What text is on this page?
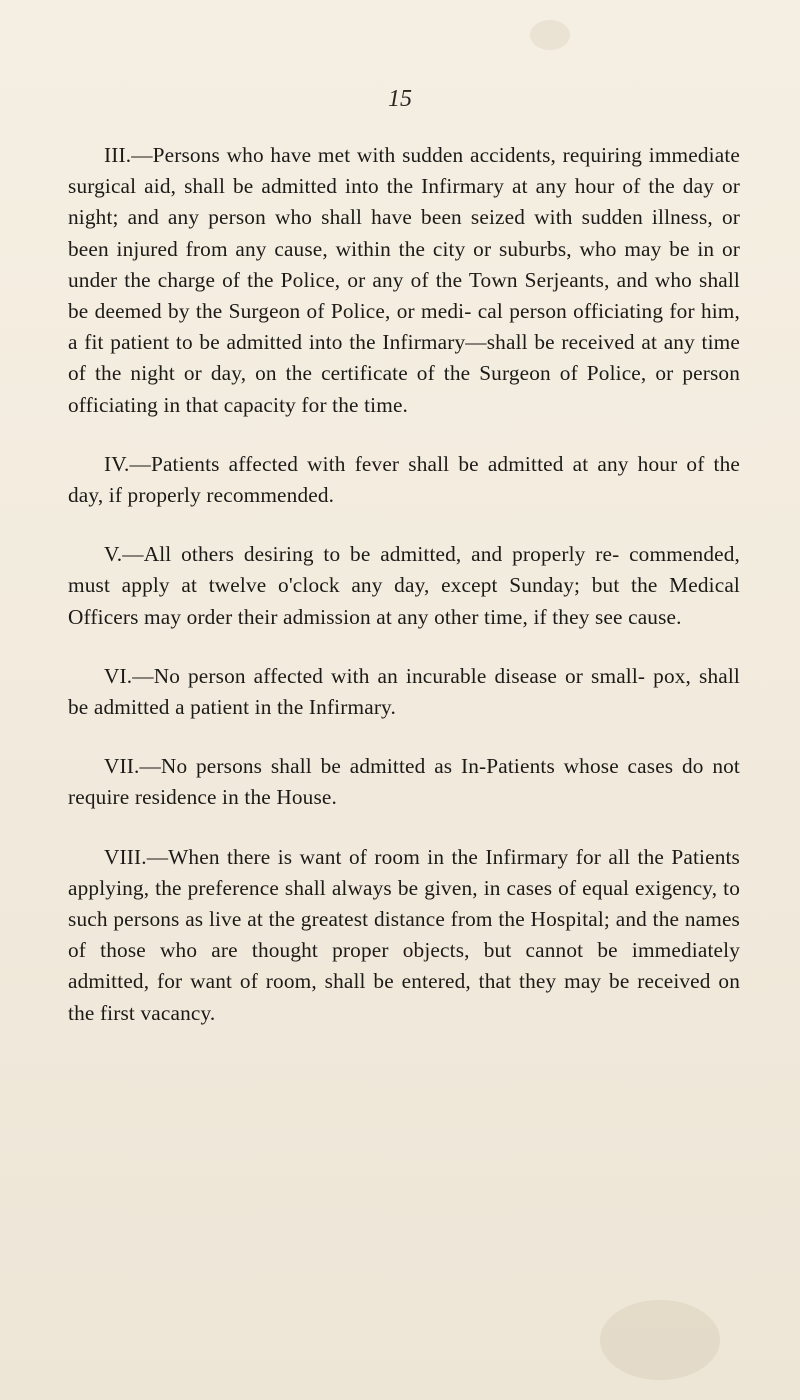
15

III.—Persons who have met with sudden accidents, requiring immediate surgical aid, shall be admitted into the Infirmary at any hour of the day or night; and any person who shall have been seized with sudden illness, or been injured from any cause, within the city or suburbs, who may be in or under the charge of the Police, or any of the Town Serjeants, and who shall be deemed by the Surgeon of Police, or medi- cal person officiating for him, a fit patient to be admitted into the Infirmary—shall be received at any time of the night or day, on the certificate of the Surgeon of Police, or person officiating in that capacity for the time.

IV.—Patients affected with fever shall be admitted at any hour of the day, if properly recommended.

V.—All others desiring to be admitted, and properly re- commended, must apply at twelve o'clock any day, except Sunday; but the Medical Officers may order their admission at any other time, if they see cause.

VI.—No person affected with an incurable disease or small- pox, shall be admitted a patient in the Infirmary.

VII.—No persons shall be admitted as In-Patients whose cases do not require residence in the House.

VIII.—When there is want of room in the Infirmary for all the Patients applying, the preference shall always be given, in cases of equal exigency, to such persons as live at the greatest distance from the Hospital; and the names of those who are thought proper objects, but cannot be immediately admitted, for want of room, shall be entered, that they may be received on the first vacancy.
